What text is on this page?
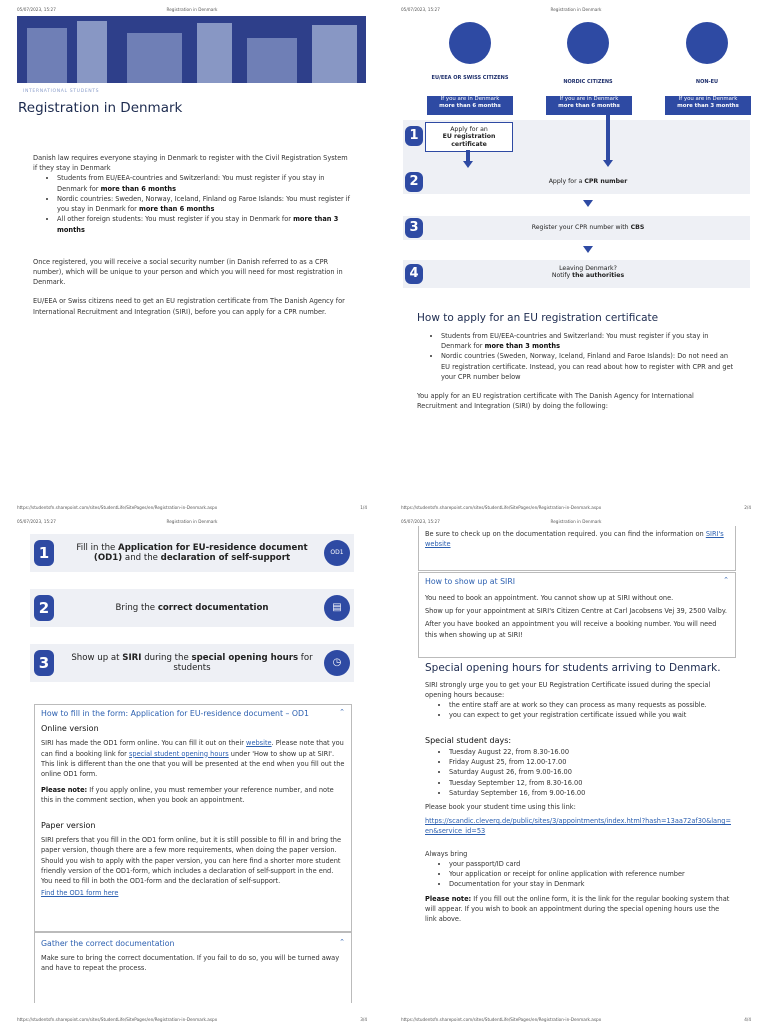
05/07/2023, 15:27	Registration in Denmark
INTERNATIONAL STUDENTS
Registration in Denmark
Danish law requires everyone staying in Denmark to register with the Civil Registration System if they stay in Denmark
• Students from EU/EEA-countries and Switzerland: You must register if you stay in Denmark for more than 6 months
• Nordic countries: Sweden, Norway, Iceland, Finland og Faroe Islands: You must register if you stay in Denmark for more than 6 months
• All other foreign students: You must register if you stay in Denmark for more than 3 months
Once registered, you will receive a social security number (in Danish referred to as a CPR number), which will be unique to your person and which you will need for most registration in Denmark.
EU/EEA or Swiss citizens need to get an EU registration certificate from The Danish Agency for International Recruitment and Integration (SIRI), before you can apply for a CPR number.
https://studentsfn.sharepoint.com/sites/StudentLife/SitePages/en/Registration-in-Denmark.aspx	1/4
05/07/2023, 15:27	Registration in Denmark
EU/EEA OR SWISS CITIZENS
NORDIC CITIZENS	NON-EU
If you are in Denmark
more than 6 months
If you are in Denmark
more than 6 months
If you are in Denmark
more than 3 months
1	Apply for an
EU registration certificate
2	Apply for a CPR number
3	Register your CPR number with CBS
4	Leaving Denmark?
Notify the authorities
How to apply for an EU registration certificate
• Students from EU/EEA-countries and Switzerland: You must register if you stay in Denmark for more than 3 months
• Nordic countries (Sweden, Norway, Iceland, Finland and Faroe Islands): Do not need an EU registration certificate. Instead, you can read about how to register with CPR and get your CPR number below
You apply for an EU registration certificate with The Danish Agency for International Recruitment and Integration (SIRI) by doing the following:
https://studentsfn.sharepoint.com/sites/StudentLife/SitePages/en/Registration-in-Denmark.aspx	2/4
05/07/2023, 15:27	Registration in Denmark
1	Fill in the Application for EU-residence document (OD1) and the declaration of self-support
OD1
2	Bring the correct documentation	▤
3	Show up at SIRI during the special opening hours for students	◷
How to fill in the form: Application for EU-residence document – OD1	⌃
Online version
SIRI has made the OD1 form online. You can fill it out on their website. Please note that you can find a booking link for special student opening hours under 'How to show up at SIRI'. This link is different than the one that you will be presented at the end when you fill out the online OD1 form.
Please note: If you apply online, you must remember your reference number, and note this in the comment section, when you book an appointment.
Paper version
SIRI prefers that you fill in the OD1 form online, but it is still possible to fill in and bring the paper version, though there are a few more requirements, when doing the paper version. Should you wish to apply with the paper version, you can here find a shorter more student friendly version of the OD1-form, which includes a declaration of self-support in the end. You need to fill in both the OD1-form and the declaration of self-support.
Find the OD1 form here
Gather the correct documentation	⌃
Make sure to bring the correct documentation. If you fail to do so, you will be turned away and have to repeat the process.
https://studentsfn.sharepoint.com/sites/StudentLife/SitePages/en/Registration-in-Denmark.aspx	3/4
05/07/2023, 15:27	Registration in Denmark
Be sure to check up on the documentation required. you can find the information on SIRI's website
How to show up at SIRI	⌃
You need to book an appointment. You cannot show up at SIRI without one.
Show up for your appointment at SIRI's Citizen Centre at Carl Jacobsens Vej 39, 2500 Valby.
After you have booked an appointment you will receive a booking number. You will need this when showing up at SIRI!
Special opening hours for students arriving to Denmark.
SIRI strongly urge you to get your EU Registration Certificate issued during the special opening hours because:
• the entire staff are at work so they can process as many requests as possible.
• you can expect to get your registration certificate issued while you wait
Special student days:
• Tuesday August 22, from 8.30-16.00
• Friday August 25, from 12.00-17.00
• Saturday August 26, from 9.00-16.00
• Tuesday September 12, from 8.30-16.00
• Saturday September 16, from 9.00-16.00
Please book your student time using this link:
https://scandic.cleverq.de/public/sites/3/appointments/index.html?hash=13aa72af30&lang=en&service_id=53
Always bring
• your passport/ID card
• Your application or receipt for online application with reference number
• Documentation for your stay in Denmark
Please note: If you fill out the online form, it is the link for the regular booking system that will appear. If you wish to book an appointment during the special opening hours use the link above.
https://studentsfn.sharepoint.com/sites/StudentLife/SitePages/en/Registration-in-Denmark.aspx	4/4
